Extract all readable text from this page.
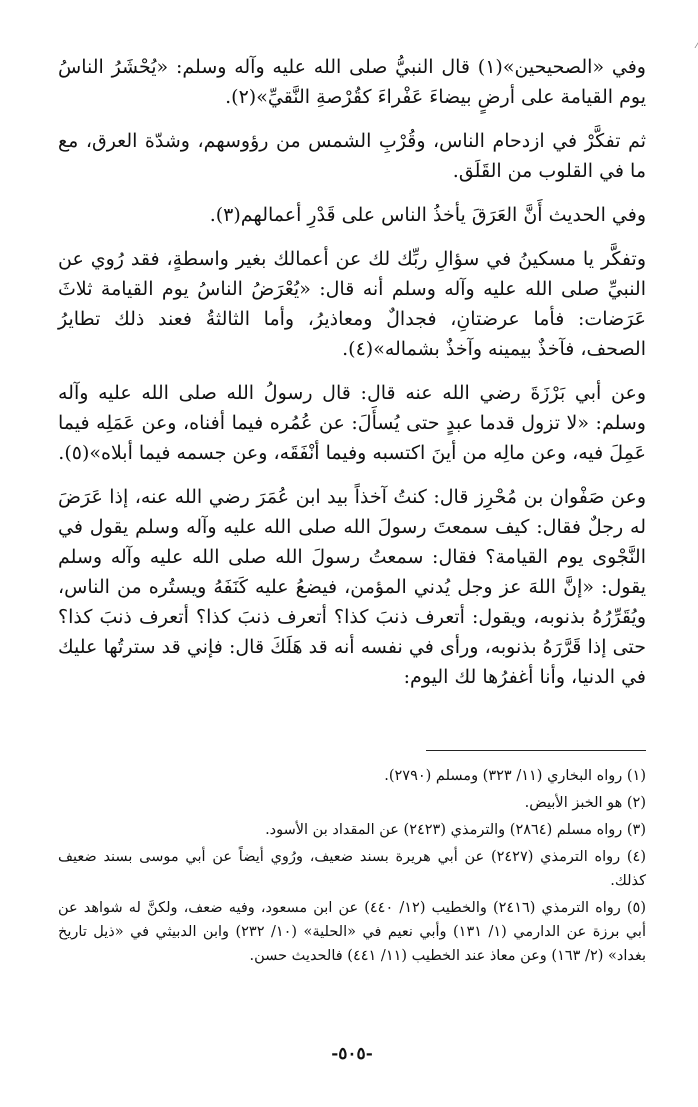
⁄

وفي «الصحيحين»(١) قال النبيُّ صلى الله عليه وآله وسلم: «يُحْشَرُ الناسُ يوم القيامة على أرضٍ بيضاءَ عَفْراءَ كقُرْصةِ النَّقيِّ»(٢).

ثم تفكَّرْ في ازدحام الناس، وقُرْبِ الشمس من رؤوسهم، وشدّة العرق، مع ما في القلوب من القَلَق.

وفي الحديث أَنَّ العَرَقَ يأخذُ الناس على قَدْرِ أعمالهم(٣).

وتفكَّر يا مسكينُ في سؤالِ ربِّك لك عن أعمالك بغير واسطةٍ، فقد رُوي عن النبيِّ صلى الله عليه وآله وسلم أنه قال: «يُعْرَضُ الناسُ يوم القيامة ثلاثَ عَرَضات: فأما عرضتانِ، فجدالٌ ومعاذيرُ، وأما الثالثةُ فعند ذلك تطايرُ الصحف، فآخذٌ بيمينه وآخذٌ بشماله»(٤).

وعن أبي بَرْزَةَ رضي الله عنه قال: قال رسولُ الله صلى الله عليه وآله وسلم: «لا تزول قدما عبدٍ حتى يُسأَلَ: عن عُمُره فيما أفناه، وعن عَمَلِه فيما عَمِلَ فيه، وعن مالِه من أينَ اكتسبه وفيما أنْفَقَه، وعن جسمه فيما أبلاه»(٥).

وعن صَفْوان بن مُحْرِز قال: كنتُ آخذاً بيد ابن عُمَرَ رضي الله عنه، إذا عَرَضَ له رجلٌ فقال: كيف سمعتَ رسولَ الله صلى الله عليه وآله وسلم يقول في النَّجْوى يوم القيامة؟ فقال: سمعتُ رسولَ الله صلى الله عليه وآله وسلم يقول: «إنَّ اللهَ عز وجل يُدني المؤمن، فيضعُ عليه كَنَفَهُ ويستُره من الناس، ويُقَرِّرُهُ بذنوبه، ويقول: أتعرف ذنبَ كذا؟ أتعرف ذنبَ كذا؟ أتعرف ذنبَ كذا؟ حتى إذا قَرَّرَهُ بذنوبه، ورأى في نفسه أنه قد هَلَكَ قال: فإني قد سترتُها عليك في الدنيا، وأنا أغفرُها لك اليوم:

(١) رواه البخاري (١١/ ٣٢٣) ومسلم (٢٧٩٠).
(٢) هو الخبز الأبيض.
(٣) رواه مسلم (٢٨٦٤) والترمذي (٢٤٢٣) عن المقداد بن الأسود.
(٤) رواه الترمذي (٢٤٢٧) عن أبي هريرة بسند ضعيف، ورُوي أيضاً عن أبي موسى بسند ضعيف كذلك.
(٥) رواه الترمذي (٢٤١٦) والخطيب (١٢/ ٤٤٠) عن ابن مسعود، وفيه ضعف، ولكنَّ له شواهد عن أبي برزة عن الدارمي (١/ ١٣١) وأبي نعيم في «الحلية» (١٠/ ٢٣٢) وابن الدبيثي في «ذيل تاريخ بغداد» (٢/ ١٦٣) وعن معاذ عند الخطيب (١١/ ٤٤١) فالحديث حسن.
-٥٠٥-
